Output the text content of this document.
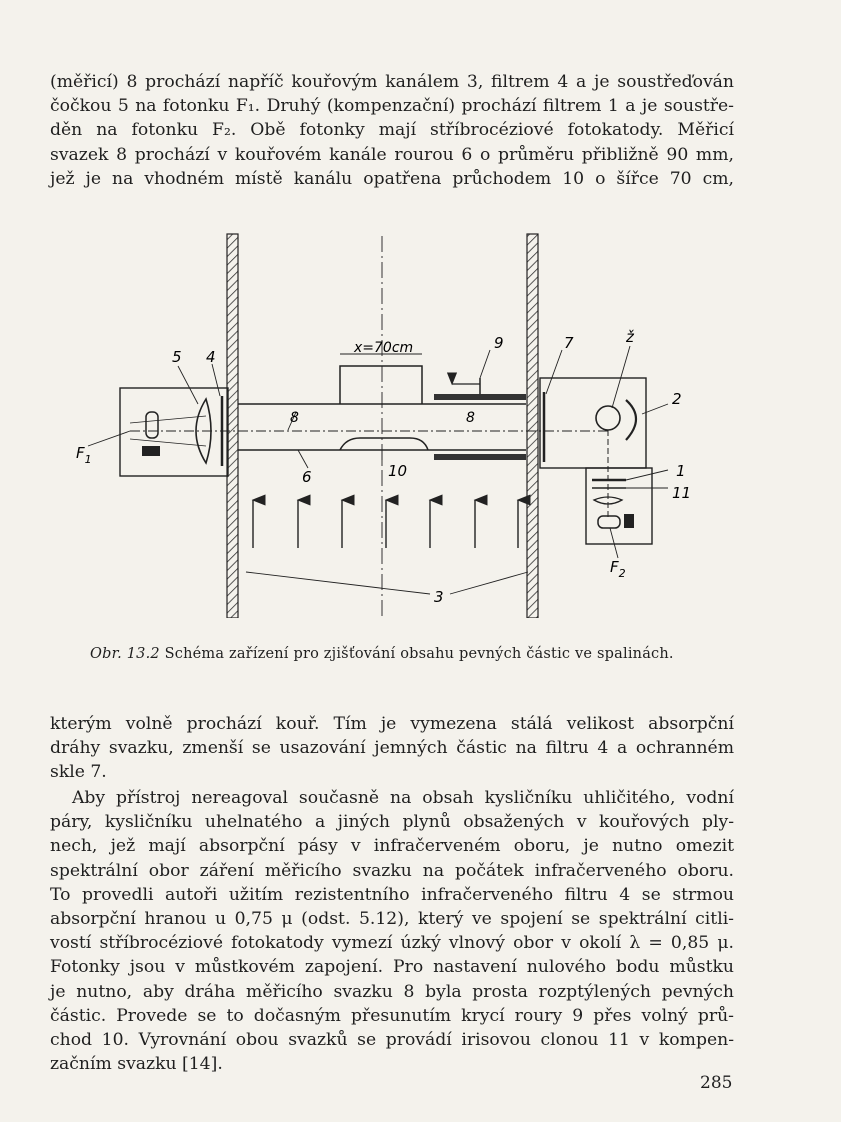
(měřicí) 8 prochází napříč kouřovým kanálem 3, filtrem 4 a je soustřeďován
čočkou 5 na fotonku F₁. Druhý (kompenzační) prochází filtrem 1 a je soustře-
děn na fotonku F₂. Obě fotonky mají stříbrocéziové fotokatody. Měřicí
svazek 8 prochází v kouřovém kanále rourou 6 o průměru přibližně 90 mm,
jež je na vhodném místě kanálu opatřena průchodem 10 o šířce 70 cm,
x=70cm
5 4
9	7	ž
2
8	8
6	10	1
11
3
$F_1$
$F_2$
Obr. 13.2 Schéma zařízení pro zjišťování obsahu pevných částic ve spalinách.
kterým volně prochází kouř. Tím je vymezena stálá velikost absorpční
dráhy svazku, zmenší se usazování jemných částic na filtru 4 a ochranném
skle 7.
Aby přístroj nereagoval současně na obsah kysličníku uhličitého, vodní
páry, kysličníku uhelnatého a jiných plynů obsažených v kouřových ply-
nech, jež mají absorpční pásy v infračerveném oboru, je nutno omezit
spektrální obor záření měřicího svazku na počátek infračerveného oboru.
To provedli autoři užitím rezistentního infračerveného filtru 4 se strmou
absorpční hranou u 0,75 μ (odst. 5.12), který ve spojení se spektrální citli-
vostí stříbrocéziové fotokatody vymezí úzký vlnový obor v okolí λ = 0,85 μ.
Fotonky jsou v můstkovém zapojení. Pro nastavení nulového bodu můstku
je nutno, aby dráha měřicího svazku 8 byla prosta rozptýlených pevných
částic. Provede se to dočasným přesunutím krycí roury 9 přes volný prů-
chod 10. Vyrovnání obou svazků se provádí irisovou clonou 11 v kompen-
začním svazku [14].
285
